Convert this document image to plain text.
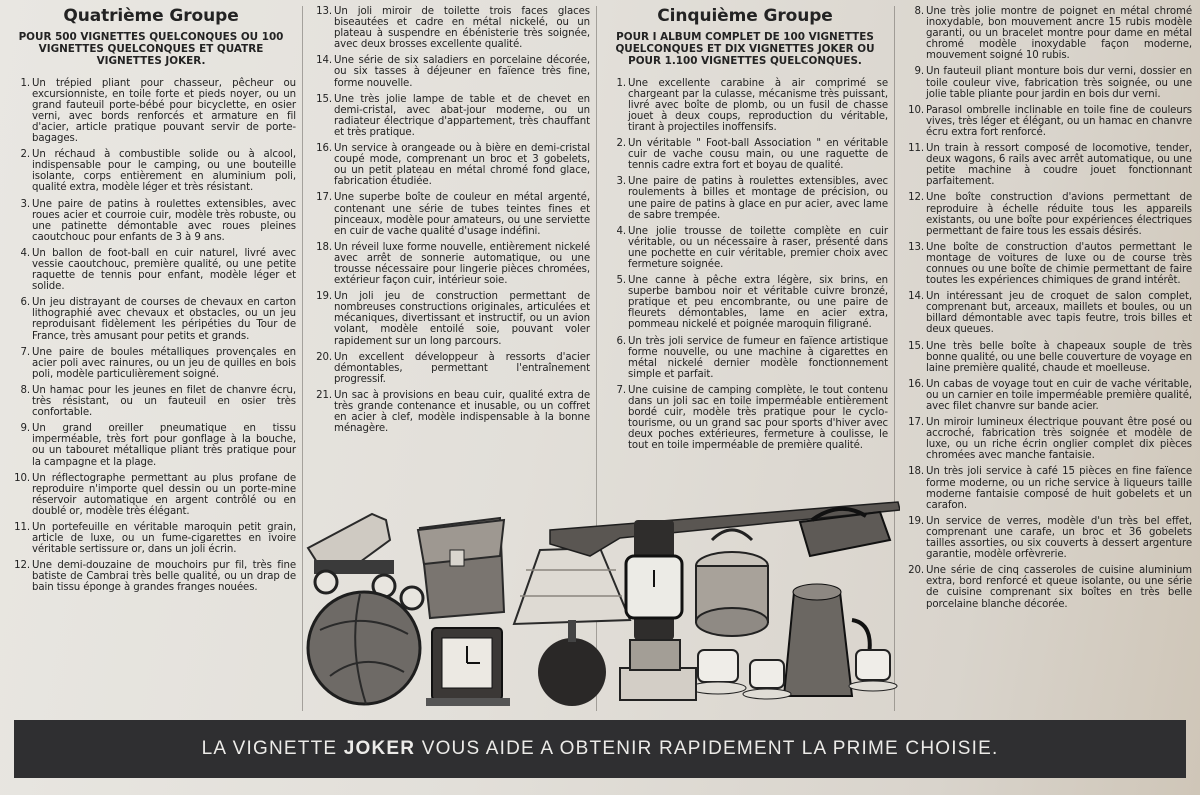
Quatrième Groupe
POUR 500 VIGNETTES QUELCONQUES OU 100 VIGNETTES QUELCONQUES ET QUATRE VIGNETTES JOKER.
1 . Un trépied pliant pour chasseur, pêcheur ou excursionniste, en toile forte et pieds noyer, ou un grand fauteuil porte-bébé pour bicyclette, en osier verni, avec bords renforcés et armature en fil d'acier, article pratique pouvant servir de porte-bagages.
2 . Un réchaud à combustible solide ou à alcool, indispensable pour le camping, ou une bouteille isolante, corps entièrement en aluminium poli, qualité extra, modèle léger et très résistant.
3 . Une paire de patins à roulettes extensibles, avec roues acier et courroie cuir, modèle très robuste, ou une patinette démontable avec roues pleines caoutchouc pour enfants de 3 à 9 ans.
4 . Un ballon de foot-ball en cuir naturel, livré avec vessie caoutchouc, première qualité, ou une petite raquette de tennis pour enfant, modèle léger et solide.
6 . Un jeu distrayant de courses de chevaux en carton lithographié avec chevaux et obstacles, ou un jeu reproduisant fidèlement les péripéties du Tour de France, très amusant pour petits et grands.
7 . Une paire de boules métalliques provençales en acier poli avec rainures, ou un jeu de quilles en bois poli, modèle particulièrement soigné.
8 . Un hamac pour les jeunes en filet de chanvre écru, très résistant, ou un fauteuil en osier très confortable.
9 . Un grand oreiller pneumatique en tissu imperméable, très fort pour gonflage à la bouche, ou un tabouret métallique pliant très pratique pour la campagne et la plage.
10 . Un réflectographe permettant au plus profane de reproduire n'importe quel dessin ou un porte-mine réservoir automatique en argent contrôlé ou en doublé or, modèle très élégant.
11 . Un portefeuille en véritable maroquin petit grain, article de luxe, ou un fume-cigarettes en ivoire véritable sertissure or, dans un joli écrin.
12 . Une demi-douzaine de mouchoirs pur fil, très fine batiste de Cambrai très belle qualité, ou un drap de bain tissu éponge à grandes franges nouées.
13 . Un joli miroir de toilette trois faces glaces biseautées et cadre en métal nickelé, ou un plateau à suspendre en ébénisterie très soignée, avec deux brosses excellente qualité.
14 . Une série de six saladiers en porcelaine décorée, ou six tasses à déjeuner en faïence très fine, forme nouvelle.
15 . Une très jolie lampe de table et de chevet en demi-cristal, avec abat-jour moderne, ou un radiateur électrique d'appartement, très chauffant et très pratique.
16 . Un service à orangeade ou à bière en demi-cristal coupé mode, comprenant un broc et 3 gobelets, ou un petit plateau en métal chromé fond glace, fabrication étudiée.
17 . Une superbe boîte de couleur en métal argenté, contenant une série de tubes teintes fines et pinceaux, modèle pour amateurs, ou une serviette en cuir de vache qualité d'usage indéfini.
18 . Un réveil luxe forme nouvelle, entièrement nickelé avec arrêt de sonnerie automatique, ou une trousse nécessaire pour lingerie pièces chromées, extérieur façon cuir, intérieur soie.
19 . Un joli jeu de construction permettant de nombreuses constructions originales, articulées et mécaniques, divertissant et instructif, ou un avion volant, modèle entoilé soie, pouvant voler rapidement sur un long parcours.
20 . Un excellent développeur à ressorts d'acier démontables, permettant l'entraînement progressif.
21 . Un sac à provisions en beau cuir, qualité extra de très grande contenance et inusable, ou un coffret en acier à clef, modèle indispensable à la bonne ménagère.
Cinquième Groupe
POUR I ALBUM COMPLET DE 100 VIGNETTES QUELCONQUES ET DIX VIGNETTES JOKER OU POUR 1.100 VIGNETTES QUELCONQUES.
1 . Une excellente carabine à air comprimé se chargeant par la culasse, mécanisme très puissant, livré avec boîte de plomb, ou un fusil de chasse jouet à deux coups, reproduction du véritable, tirant à projectiles inoffensifs.
2 . Un véritable " Foot-ball Association " en véritable cuir de vache cousu main, ou une raquette de tennis cadre extra fort et boyau de qualité.
3 . Une paire de patins à roulettes extensibles, avec roulements à billes et montage de précision, ou une paire de patins à glace en pur acier, avec lame de sabre trempée.
4 . Une jolie trousse de toilette complète en cuir véritable, ou un nécessaire à raser, présenté dans une pochette en cuir véritable, premier choix avec fermeture soignée.
5 . Une canne à pêche extra légère, six brins, en superbe bambou noir et véritable cuivre bronzé, pratique et peu encombrante, ou une paire de fleurets démontables, lame en acier extra, pommeau nickelé et poignée maroquin filigrané.
6 . Un très joli service de fumeur en faïence artistique forme nouvelle, ou une machine à cigarettes en métal nickelé dernier modèle fonctionnement simple et parfait.
7 . Une cuisine de camping complète, le tout contenu dans un joli sac en toile imperméable entièrement bordé cuir, modèle très pratique pour le cyclo-tourisme, ou un grand sac pour sports d'hiver avec deux poches extérieures, fermeture à coulisse, le tout en toile imperméable de première qualité.
8 . Une très jolie montre de poignet en métal chromé inoxydable, bon mouvement ancre 15 rubis modèle garanti, ou un bracelet montre pour dame en métal chromé modèle inoxydable façon moderne, mouvement soigné 10 rubis.
9 . Un fauteuil pliant monture bois dur verni, dossier en toile couleur vive, fabrication très soignée, ou une jolie table pliante pour jardin en bois dur verni.
10 . Parasol ombrelle inclinable en toile fine de couleurs vives, très léger et élégant, ou un hamac en chanvre écru extra fort renforcé.
11 . Un train à ressort composé de locomotive, tender, deux wagons, 6 rails avec arrêt automatique, ou une petite machine à coudre jouet fonctionnant parfaitement.
12 . Une boîte construction d'avions permettant de reproduire à échelle réduite tous les appareils existants, ou une boîte pour expériences électriques permettant de faire tous les essais désirés.
13 . Une boîte de construction d'autos permettant le montage de voitures de luxe ou de course très connues ou une boîte de chimie permettant de faire toutes les expériences chimiques de grand intérêt.
14 . Un intéressant jeu de croquet de salon complet, comprenant but, arceaux, maillets et boules, ou un billard démontable avec tapis feutre, trois billes et deux queues.
15 . Une très belle boîte à chapeaux souple de très bonne qualité, ou une belle couverture de voyage en laine première qualité, chaude et moelleuse.
16 . Un cabas de voyage tout en cuir de vache véritable, ou un carnier en toile imperméable première qualité, avec filet chanvre sur bande acier.
17 . Un miroir lumineux électrique pouvant être posé ou accroché, fabrication très soignée et modèle de luxe, ou un riche écrin onglier complet dix pièces chromées avec manche fantaisie.
18 . Un très joli service à café 15 pièces en fine faïence forme moderne, ou un riche service à liqueurs taille moderne fantaisie composé de huit gobelets et un carafon.
19 . Un service de verres, modèle d'un très bel effet, comprenant une carafe, un broc et 36 gobelets tailles assorties, ou six couverts à dessert argenture garantie, modèle orfèvrerie.
20 . Une série de cinq casseroles de cuisine aluminium extra, bord renforcé et queue isolante, ou une série de cuisine comprenant six boîtes en très belle porcelaine blanche décorée.
LA VIGNETTE JOKER VOUS AIDE A OBTENIR RAPIDEMENT LA PRIME CHOISIE.
